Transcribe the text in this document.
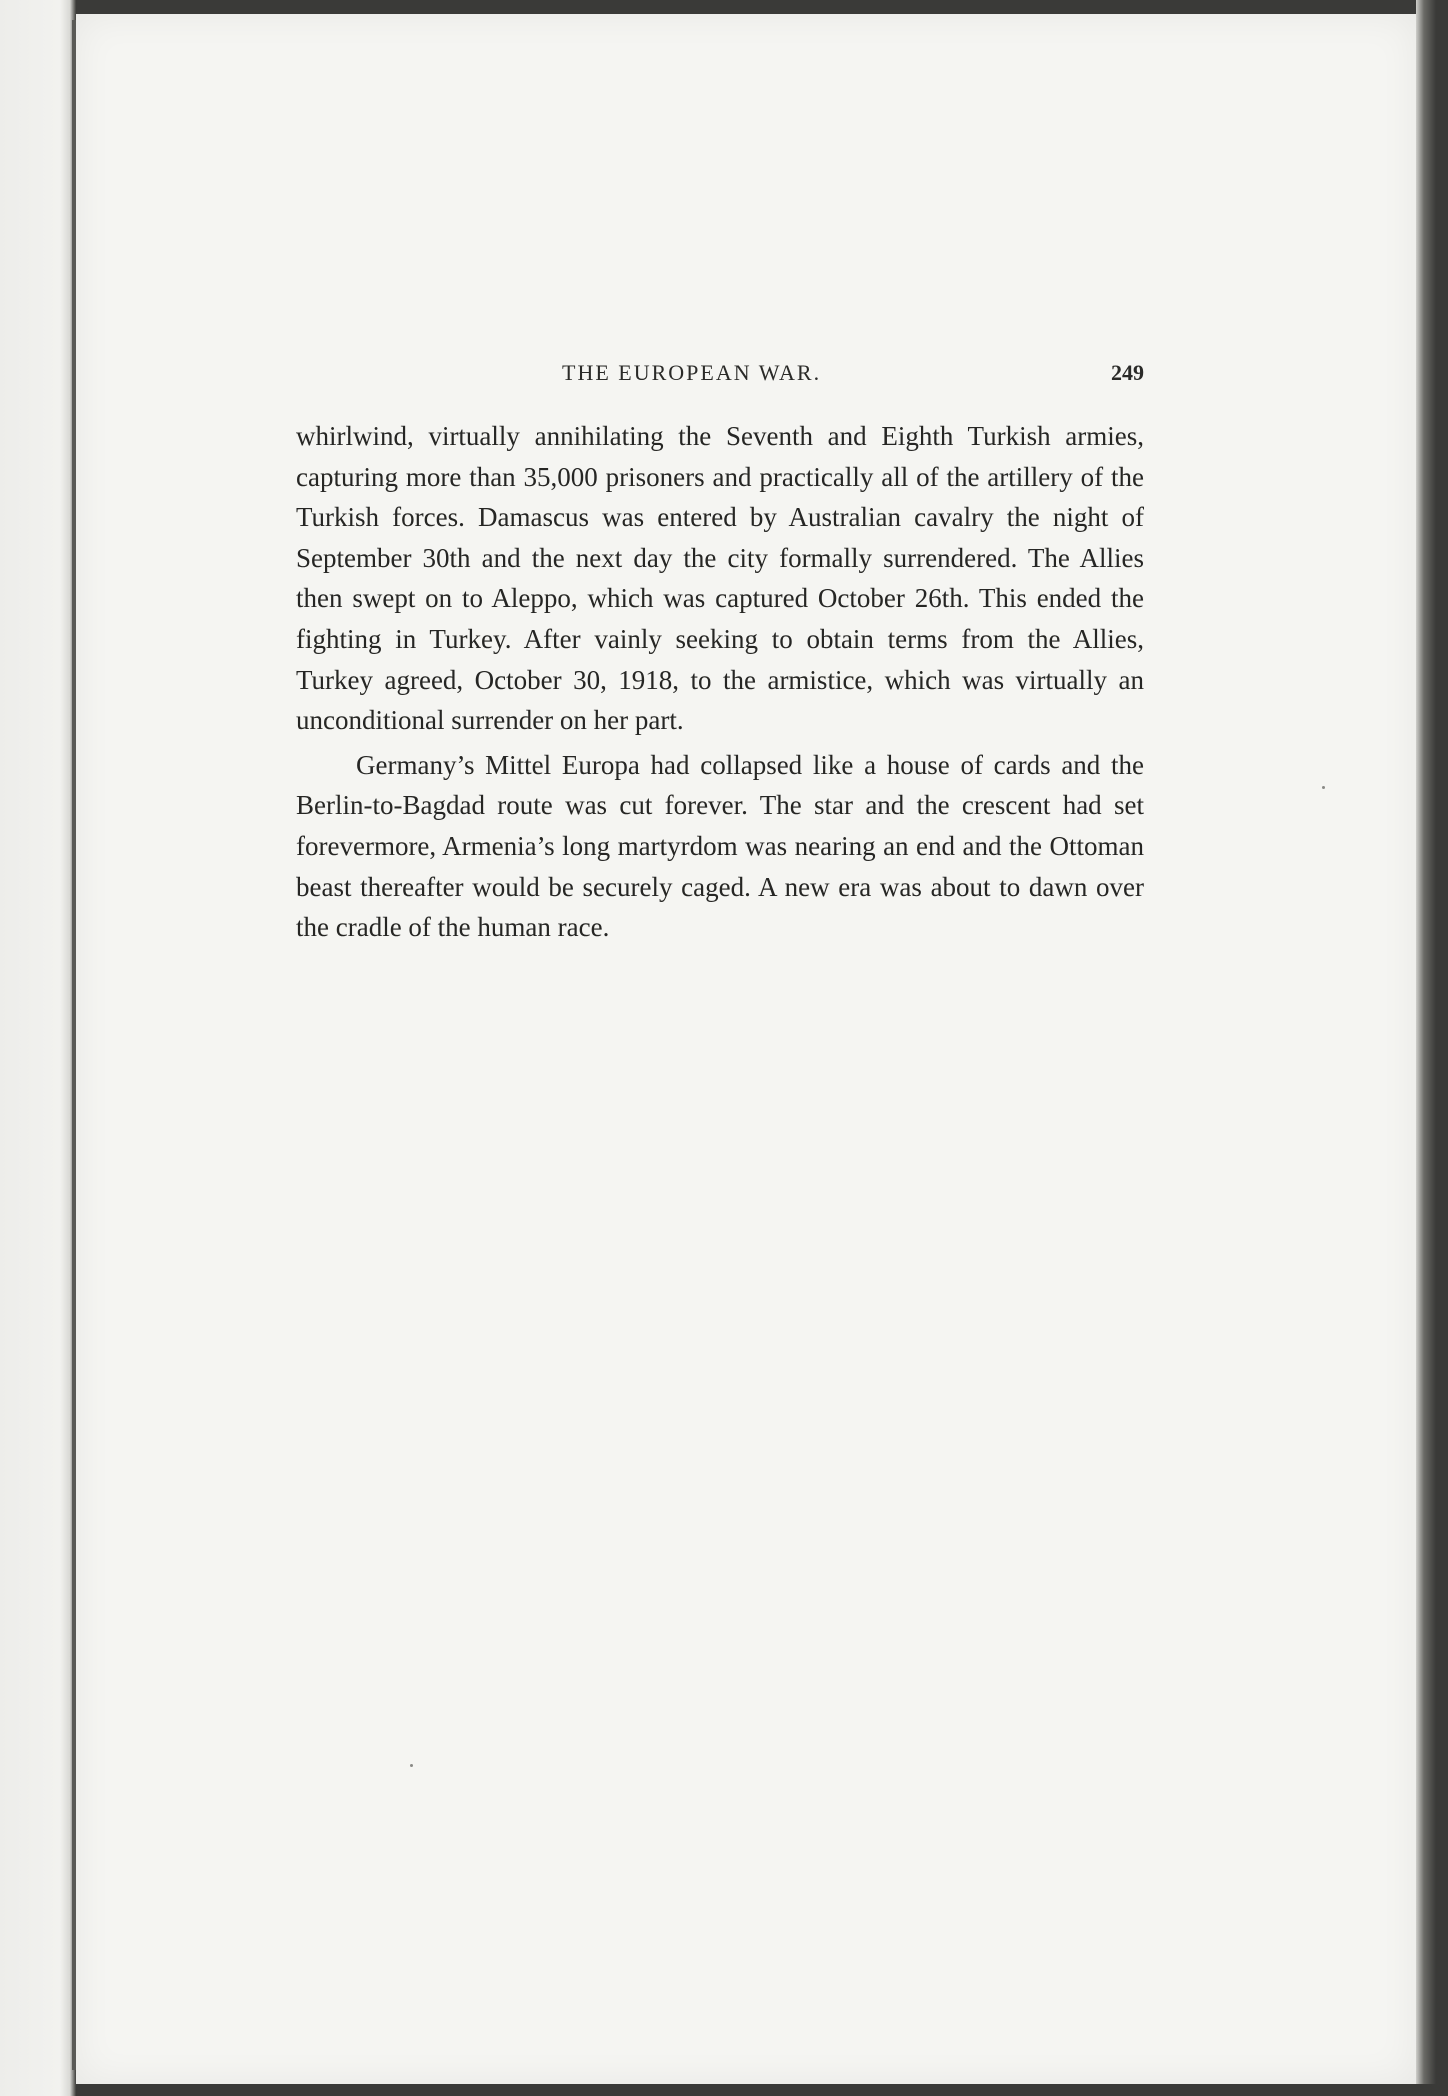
THE EUROPEAN WAR.	249

whirlwind, virtually annihilating the Seventh and Eighth Turkish armies, capturing more than 35,000 prisoners and practically all of the artillery of the Turkish forces. Damascus was entered by Australian cavalry the night of September 30th and the next day the city formally surrendered. The Allies then swept on to Aleppo, which was captured October 26th. This ended the fighting in Turkey. After vainly seeking to obtain terms from the Allies, Turkey agreed, October 30, 1918, to the armistice, which was virtually an unconditional surrender on her part.

Germany’s Mittel Europa had collapsed like a house of cards and the Berlin-to-Bagdad route was cut forever. The star and the crescent had set forevermore, Armenia’s long martyrdom was nearing an end and the Ottoman beast thereafter would be securely caged. A new era was about to dawn over the cradle of the human race.
